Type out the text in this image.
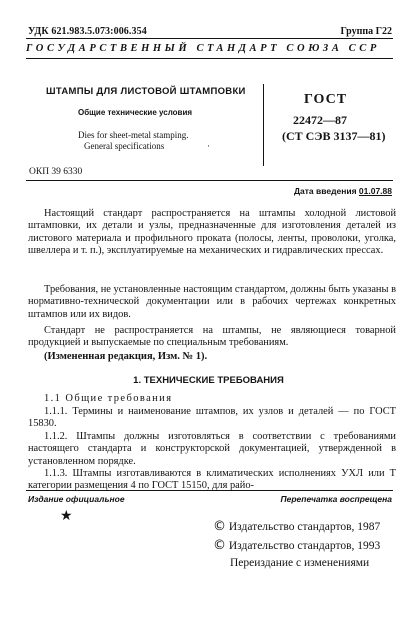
УДК 621.983.5.073:006.354	Группа Г22
ГОСУДАРСТВЕННЫЙ СТАНДАРТ СОЮЗА ССР
ШТАМПЫ ДЛЯ ЛИСТОВОЙ ШТАМПОВКИ
Общие технические условия
Dies for sheet-metal stamping.
General specifications	·
ГОСТ
22472—87
(СТ СЭВ 3137—81)
ОКП 39 6330
Дата введения 01.07.88

Настоящий стандарт распространяется на штампы холодной листовой штамповки, их детали и узлы, предназначенные для изготовления деталей из листового материала и профильного проката (полосы, ленты, проволоки, уголка, швеллера и т. п.), эксплуатируемые на механических и гидравлических прессах.

Требования, не установленные настоящим стандартом, должны быть указаны в нормативно-технической документации или в рабочих чертежах конкретных штампов или их видов.

Стандарт не распространяется на штампы, не являющиеся товарной продукцией и выпускаемые по специальным требованиям.

(Измененная редакция, Изм. № 1).
1. ТЕХНИЧЕСКИЕ ТРЕБОВАНИЯ
1.1 Общие требования

1.1.1. Термины и наименование штампов, их узлов и деталей — по ГОСТ 15830.

1.1.2. Штампы должны изготовляться в соответствии с требованиями настоящего стандарта и конструкторской документацией, утвержденной в установленном порядке.

1.1.3. Штампы изготавливаются в климатических исполнениях УХЛ или Т категории размещения 4 по ГОСТ 15150, для райо-

Издание официальное	Перепечатка воспрещена
★
© Издательство стандартов, 1987
© Издательство стандартов, 1993
Переиздание с изменениями
